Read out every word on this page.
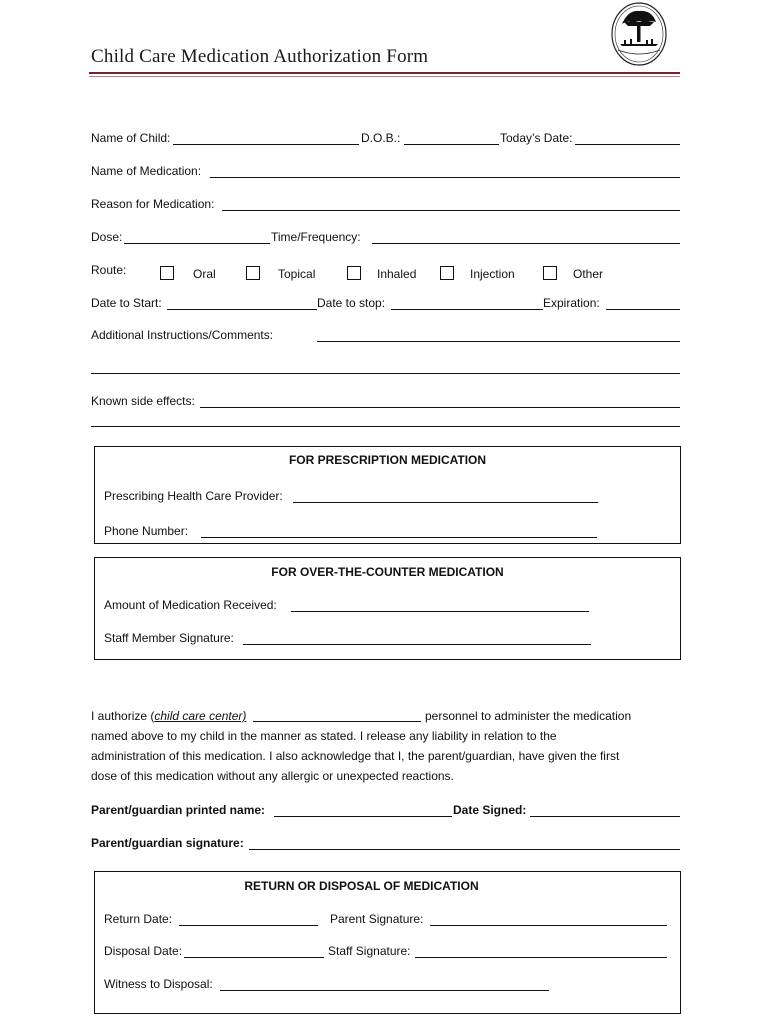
Child Care Medication Authorization Form
Name of Child:	D.O.B.:	Today’s Date:
Name of Medication:
Reason for Medication:
Dose:	Time/Frequency:
Route:	Oral	Topical	Inhaled	Injection	Other
Date to Start:	Date to stop:	Expiration:
Additional Instructions/Comments:
Known side effects:
FOR PRESCRIPTION MEDICATION
Prescribing Health Care Provider:
Phone Number:
FOR OVER-THE-COUNTER MEDICATION
Amount of Medication Received:
Staff Member Signature:
I authorize (child care center)	personnel to administer the medication
named above to my child in the manner as stated. I release any liability in relation to the
administration of this medication. I also acknowledge that I, the parent/guardian, have given the first
dose of this medication without any allergic or unexpected reactions.
Parent/guardian printed name:	Date Signed:
Parent/guardian signature:
RETURN OR DISPOSAL OF MEDICATION
Return Date:	Parent Signature:
Disposal Date:	Staff Signature:
Witness to Disposal:
